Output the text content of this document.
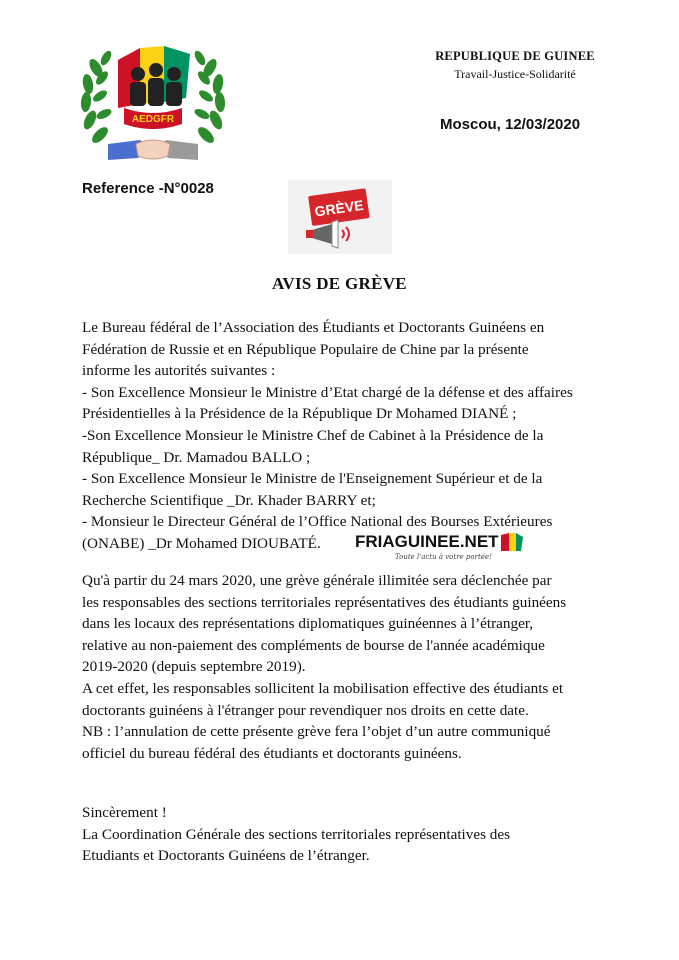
AEDGFR
REPUBLIQUE DE GUINEE
Travail-Justice-Solidarité
Moscou, 12/03/2020
Reference -N°0028
GRÈVE
AVIS DE GRÈVE
Le Bureau fédéral de l’Association des Étudiants et Doctorants Guinéens en
Fédération de Russie et en République Populaire de Chine par la présente
informe les autorités suivantes :
- Son Excellence Monsieur le Ministre d’Etat chargé de la défense et des affaires
Présidentielles à la Présidence de la République Dr Mohamed DIANÉ ;
-Son Excellence Monsieur le Ministre Chef de Cabinet à la Présidence de la
République_ Dr. Mamadou BALLO ;
- Son Excellence Monsieur le Ministre de l'Enseignement Supérieur et de la
Recherche Scientifique _Dr. Khader BARRY et;
- Monsieur le Directeur Général de l’Office National des Bourses Extérieures
(ONABE) _Dr Mohamed DIOUBATÉ.	FRIAGUINEE.NET
Toute l'actu à votre portée!
Qu'à partir du 24 mars 2020, une grève générale illimitée sera déclenchée par
les responsables des sections territoriales représentatives des étudiants guinéens
dans les locaux des représentations diplomatiques guinéennes à l’étranger,
relative au non-paiement des compléments de bourse de l'année académique
2019-2020 (depuis septembre 2019).
A cet effet, les responsables sollicitent la mobilisation effective des étudiants et
doctorants guinéens à l'étranger pour revendiquer nos droits en cette date.
NB : l’annulation de cette présente grève fera l’objet d’un autre communiqué
officiel du bureau fédéral des étudiants et doctorants guinéens.
Sincèrement !
La Coordination Générale des sections territoriales représentatives des
Etudiants et Doctorants Guinéens de l’étranger.
